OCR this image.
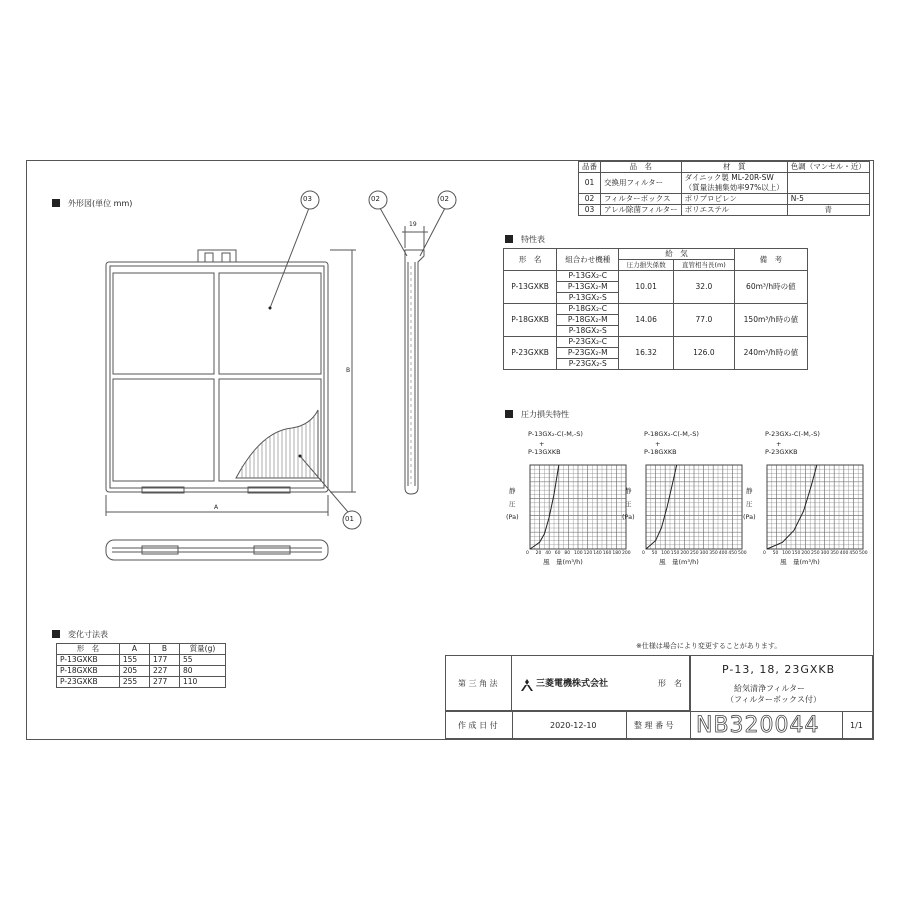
品番	品　名	材　質	色調（マンセル・近）
01	交換用フィルター	ダイニック製 ML-20R-SW	
		（質量法捕集効率97%以上）	
02	フィルターボックス	ポリプロピレン	N-5
03	アレル除菌フィルター	ポリエステル	青
外形図(単位 mm)	03	02	02
01
19
A
B
特性表
形　名	組合わせ機種	給　気		備　考
		圧力損失係数	直管相当長(m)	
P-13GXKB	P-13GX₂-C	10.01	32.0	60m³/h時の値
	P-13GX₂-M			
	P-13GX₂-S			
P-18GXKB	P-18GX₂-C	14.06	77.0	150m³/h時の値
	P-18GX₂-M			
	P-18GX₂-S			
P-23GXKB	P-23GX₂-C	16.32	126.0	240m³/h時の値
	P-23GX₂-M			
	P-23GX₂-S			
圧力損失特性
P-13GX₂-C(-M,-S)
+
P-13GXKB
静
圧
(Pa)
風　量(m³/h)
0 20 40 60 80 100 120 140 160 180 200
P-18GX₂-C(-M,-S)
+
P-18GXKB
静
圧
(Pa)
風　量(m³/h)
0 50 100 150 200 250 300 350 400 450 500
P-23GX₂-C(-M,-S)
+
P-23GXKB
静
圧
(Pa)
風　量(m³/h)
0 50 100 150 200 250 300 350 400 450 500
変化寸法表
形　名	A	B	質量(g)
P-13GXKB	155	177	55
P-18GXKB	205	227	80
P-23GXKB	255	277	110
※仕様は場合により変更することがあります。
第 三 角 法	三菱電機株式会社	形　名
P-13, 18, 23GXKB
給気清浄フィルター
（フィルターボックス付）
作 成 日 付	2020-12-10	整 理 番 号 NB320044	1/1
